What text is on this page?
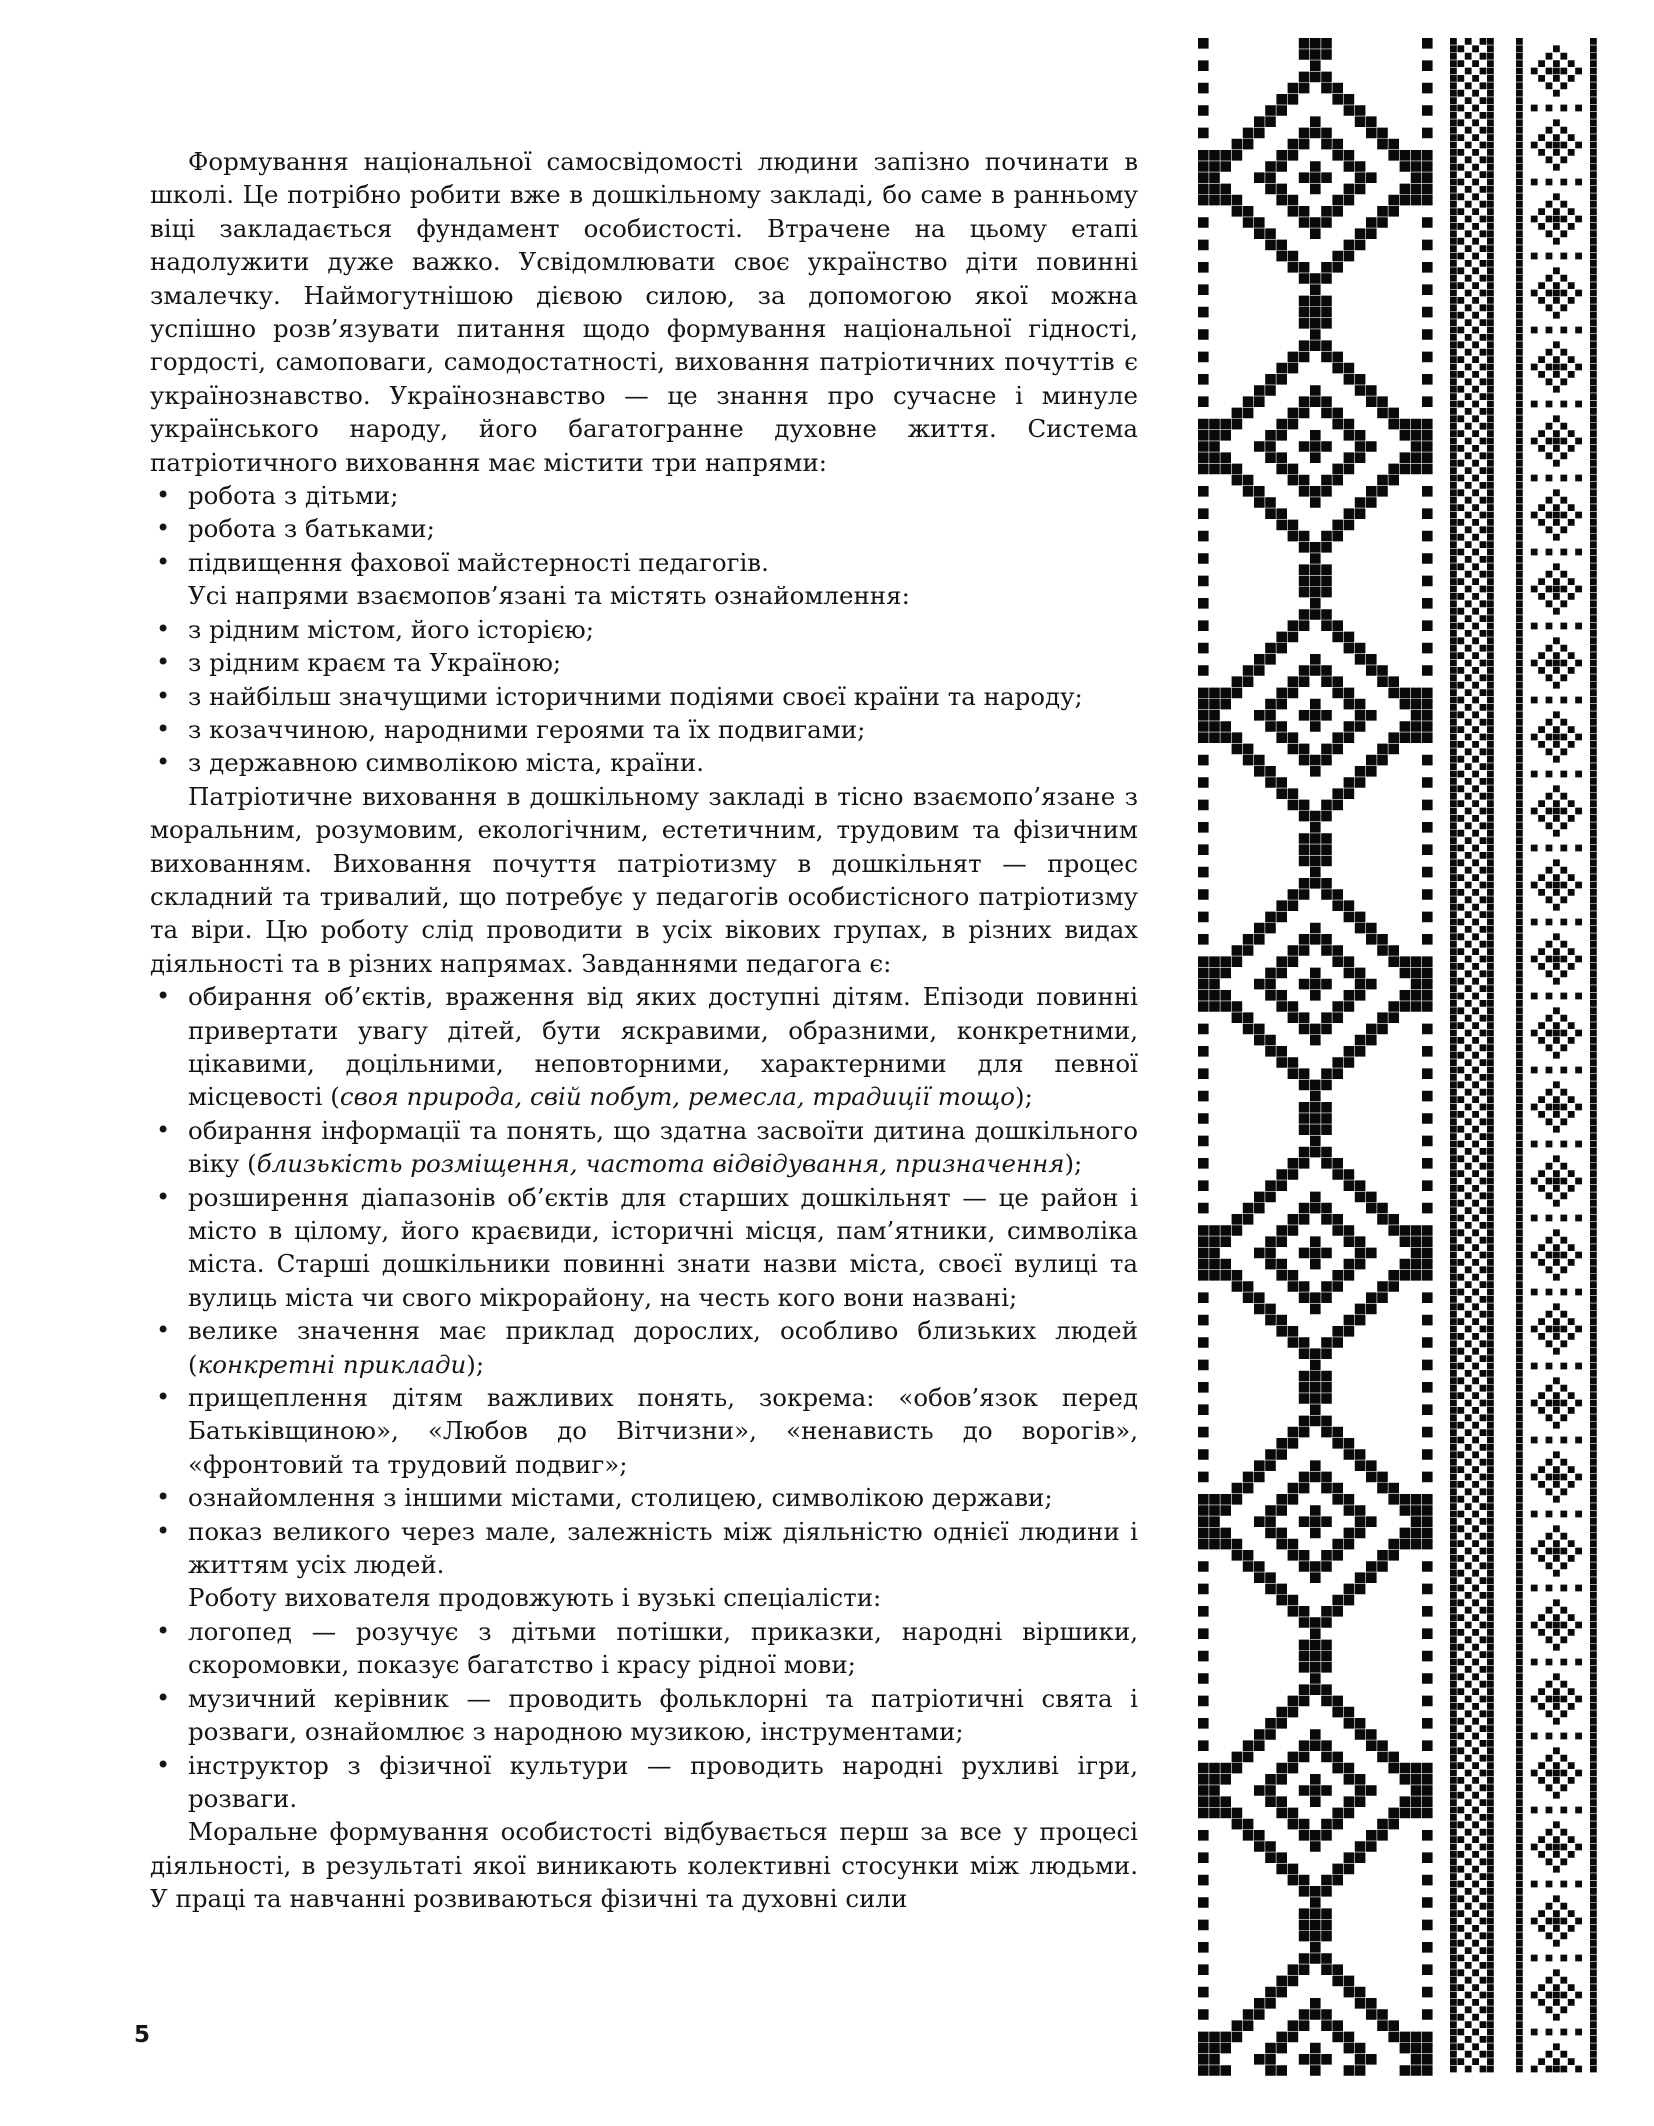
Формування національної самосвідомості людини запізно починати в школі. Це потрібно робити вже в дошкільному закладі, бо саме в ранньому віці закладається фундамент особистості. Втрачене на цьому етапі надолужити дуже важко. Усвідомлювати своє українство діти повинні змалечку. Наймогутнішою дієвою силою, за допомогою якої можна успішно розв’язувати питання щодо формування національної гідності, гордості, самоповаги, самодостатності, виховання патріотичних почуттів є українознавство. Українознавство — це знання про сучасне і минуле українського народу, його багатогранне духовне життя. Система патріотичного виховання має містити три напрями:

• робота з дітьми;
• робота з батьками;
• підвищення фахової майстерності педагогів.

Усі напрями взаємопов’язані та містять ознайомлення:

• з рідним містом, його історією;
• з рідним краєм та Україною;
• з найбільш значущими історичними подіями своєї країни та народу;
• з козаччиною, народними героями та їх подвигами;
• з державною символікою міста, країни.

Патріотичне виховання в дошкільному закладі в тісно взаємопо’язане з моральним, розумовим, екологічним, естетичним, трудовим та фізичним вихованням. Виховання почуття патріотизму в дошкільнят — процес складний та тривалий, що потребує у педагогів особистісного патріотизму та віри. Цю роботу слід проводити в усіх вікових групах, в різних видах діяльності та в різних напрямах. Завданнями педагога є:

• обирання об’єктів, враження від яких доступні дітям. Епізоди повинні привертати увагу дітей, бути яскравими, образними, конкретними, цікавими, доцільними, неповторними, характерними для певної місцевості (своя природа, свій побут, ремесла, традиції тощо);
• обирання інформації та понять, що здатна засвоїти дитина дошкільного віку (близькість розміщення, частота відвідування, призначення);
• розширення діапазонів об’єктів для старших дошкільнят — це район і місто в цілому, його краєвиди, історичні місця, пам’ятники, символіка міста. Старші дошкільники повинні знати назви міста, своєї вулиці та вулиць міста чи свого мікрорайону, на честь кого вони названі;
• велике значення має приклад дорослих, особливо близьких людей (конкретні приклади);
• прищеплення дітям важливих понять, зокрема: «обов’язок перед Батьківщиною», «Любов до Вітчизни», «ненависть до ворогів», «фронтовий та трудовий подвиг»;
• ознайомлення з іншими містами, столицею, символікою держави;
• показ великого через мале, залежність між діяльністю однієї людини і життям усіх людей.

Роботу вихователя продовжують і вузькі спеціалісти:

• логопед — розучує з дітьми потішки, приказки, народні віршики, скоромовки, показує багатство і красу рідної мови;
• музичний керівник — проводить фольклорні та патріотичні свята і розваги, ознайомлює з народною музикою, інструментами;
• інструктор з фізичної культури — проводить народні рухливі ігри, розваги.

Моральне формування особистості відбувається перш за все у процесі діяльності, в результаті якої виникають колективні стосунки між людьми. У праці та навчанні розвиваються фізичні та духовні сили

5
